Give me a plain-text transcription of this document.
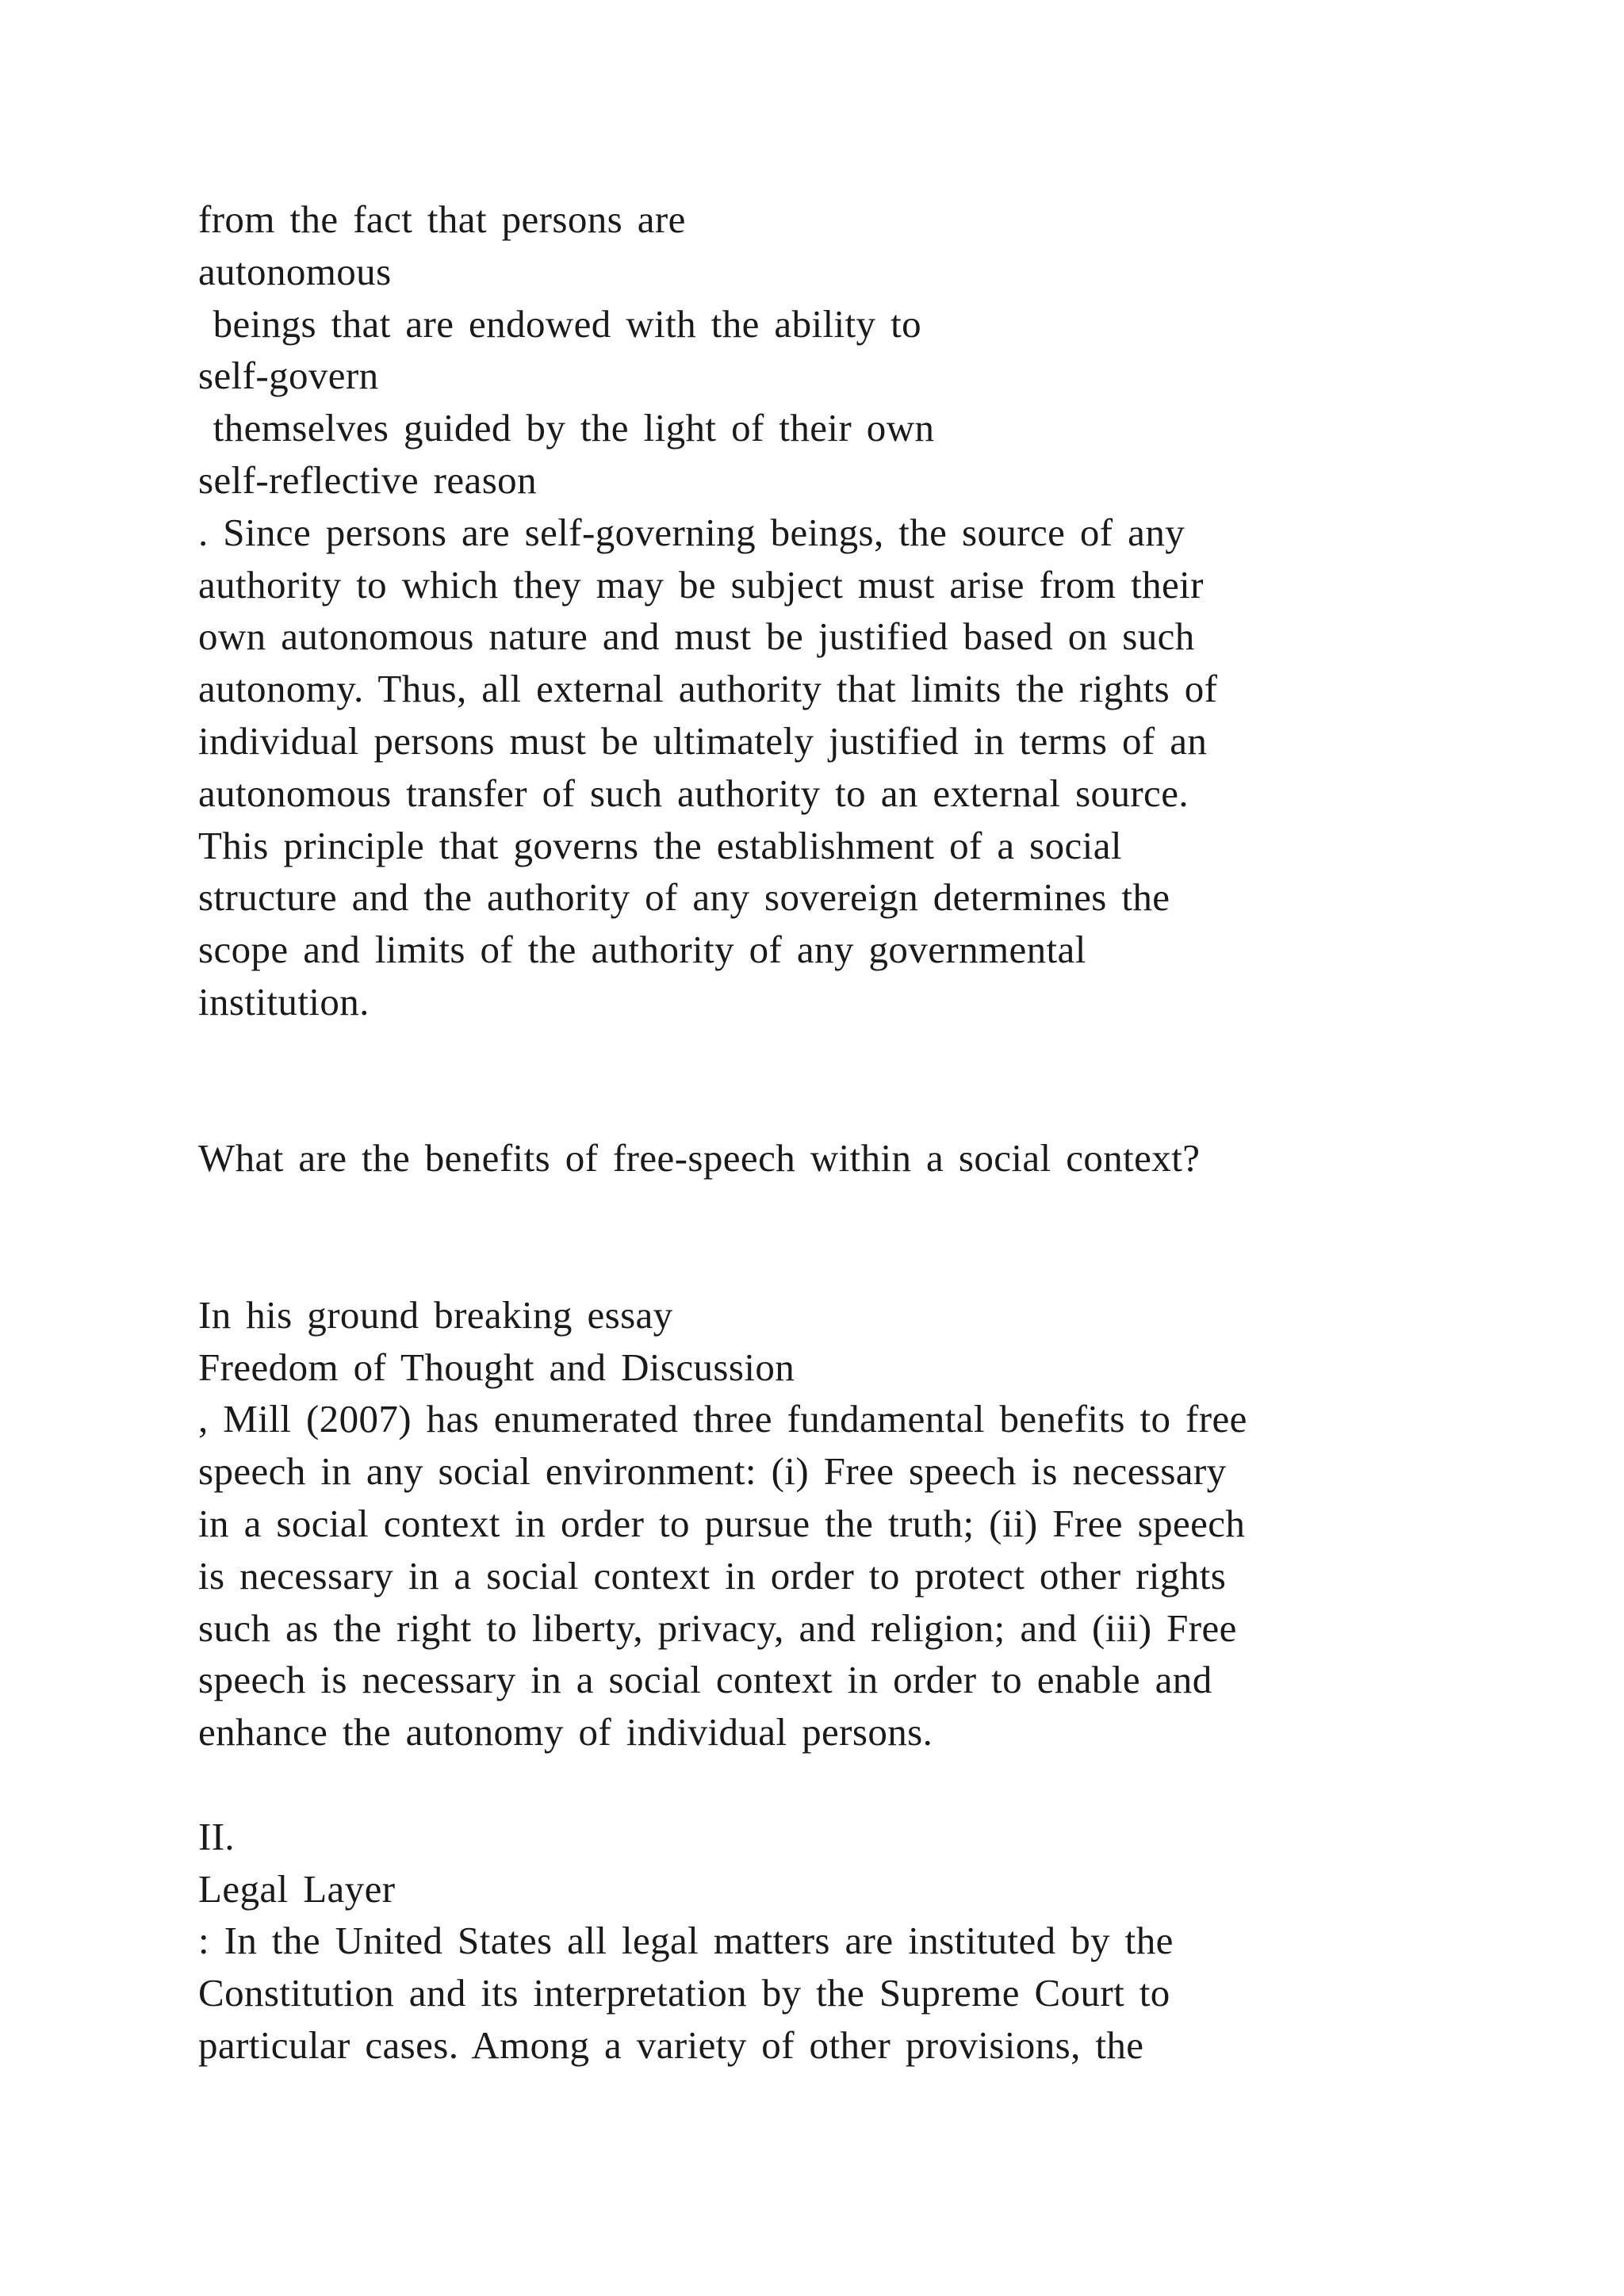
from the fact that persons are
autonomous
beings that are endowed with the ability to
self-govern
themselves guided by the light of their own
self-reflective reason
. Since persons are self-governing beings, the source of any
authority to which they may be subject must arise from their
own autonomous nature and must be justified based on such
autonomy. Thus, all external authority that limits the rights of
individual persons must be ultimately justified in terms of an
autonomous transfer of such authority to an external source.
This principle that governs the establishment of a social
structure and the authority of any sovereign determines the
scope and limits of the authority of any governmental
institution.
What are the benefits of free-speech within a social context?
In his ground breaking essay
Freedom of Thought and Discussion
, Mill (2007) has enumerated three fundamental benefits to free
speech in any social environment: (i) Free speech is necessary
in a social context in order to pursue the truth; (ii) Free speech
is necessary in a social context in order to protect other rights
such as the right to liberty, privacy, and religion; and (iii) Free
speech is necessary in a social context in order to enable and
enhance the autonomy of individual persons.
II.
Legal Layer
: In the United States all legal matters are instituted by the
Constitution and its interpretation by the Supreme Court to
particular cases. Among a variety of other provisions, the
